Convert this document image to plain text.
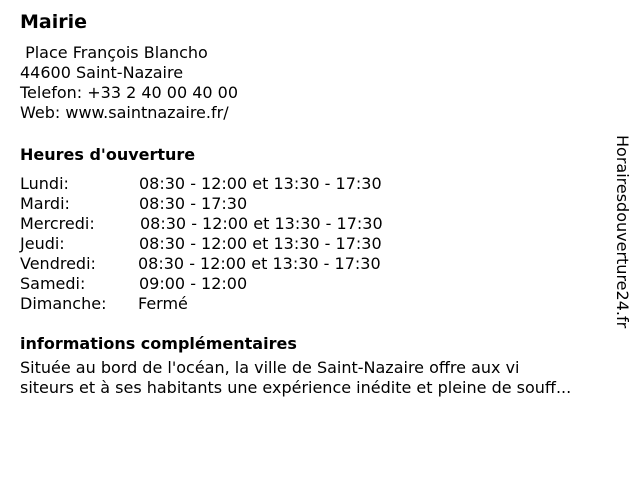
Mairie
Place François Blancho
44600 Saint-Nazaire
Telefon: +33 2 40 00 40 00
Web: www.saintnazaire.fr/
Heures d'ouverture
Lundi:	08:30 - 12:00 et 13:30 - 17:30
Mardi:	08:30 - 17:30
Mercredi:	08:30 - 12:00 et 13:30 - 17:30
Jeudi:	08:30 - 12:00 et 13:30 - 17:30
Vendredi:	08:30 - 12:00 et 13:30 - 17:30
Samedi:	09:00 - 12:00
Dimanche: Fermé
informations complémentaires
Située au bord de l'océan, la ville de Saint-Nazaire offre aux vi
siteurs et à ses habitants une expérience inédite et pleine de souff...
Horairesdouverture24.fr
